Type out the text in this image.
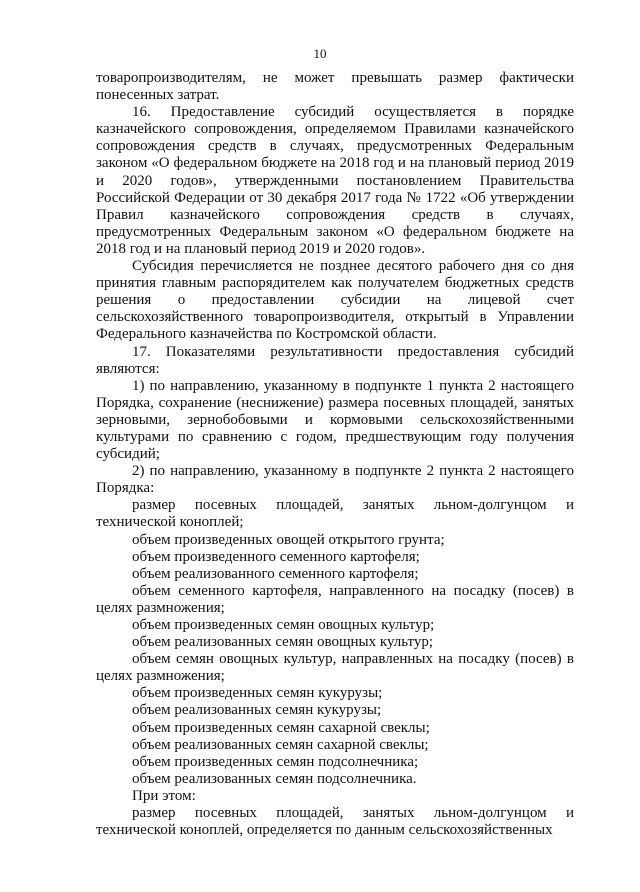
10

товаропроизводителям, не может превышать размер фактически понесенных затрат.

16. Предоставление субсидий осуществляется в порядке казначейского сопровождения, определяемом Правилами казначейского сопровождения средств в случаях, предусмотренных Федеральным законом «О федеральном бюджете на 2018 год и на плановый период 2019 и 2020 годов», утвержденными постановлением Правительства Российской Федерации от 30 декабря 2017 года № 1722 «Об утверждении Правил казначейского сопровождения средств в случаях, предусмотренных Федеральным законом «О федеральном бюджете на 2018 год и на плановый период 2019 и 2020 годов».

Субсидия перечисляется не позднее десятого рабочего дня со дня принятия главным распорядителем как получателем бюджетных средств решения о предоставлении субсидии на лицевой счет сельскохозяйственного товаропроизводителя, открытый в Управлении Федерального казначейства по Костромской области.

17. Показателями результативности предоставления субсидий являются:

1) по направлению, указанному в подпункте 1 пункта 2 настоящего Порядка, сохранение (неснижение) размера посевных площадей, занятых зерновыми, зернобобовыми и кормовыми сельскохозяйственными культурами по сравнению с годом, предшествующим году получения субсидий;

2) по направлению, указанному в подпункте 2 пункта 2 настоящего Порядка:

размер посевных площадей, занятых льном-долгунцом и технической коноплей;

объем произведенных овощей открытого грунта;

объем произведенного семенного картофеля;

объем реализованного семенного картофеля;

объем семенного картофеля, направленного на посадку (посев) в целях размножения;

объем произведенных семян овощных культур;

объем реализованных семян овощных культур;

объем семян овощных культур, направленных на посадку (посев) в целях размножения;

объем произведенных семян кукурузы;

объем реализованных семян кукурузы;

объем произведенных семян сахарной свеклы;

объем реализованных семян сахарной свеклы;

объем произведенных семян подсолнечника;

объем реализованных семян подсолнечника.

При этом:

размер посевных площадей, занятых льном-долгунцом и технической коноплей, определяется по данным сельскохозяйственных
